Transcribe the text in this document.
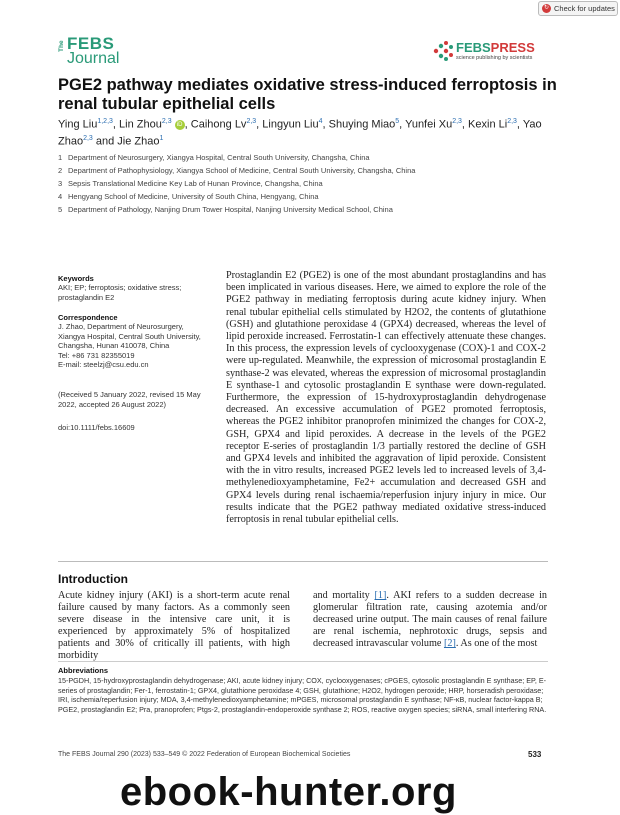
↻ Check for updates
The FEBS
Journal
FEBSPRESS
science publishing by scientists
PGE2 pathway mediates oxidative stress-induced ferroptosis in renal tubular epithelial cells
Ying Liu$^{1,2,3}$, Lin Zhou$^{2,3}$ iD , Caihong Lv$^{2,3}$, Lingyun Liu$^4$, Shuying Miao$^5$, Yunfei Xu$^{2,3}$, Kexin Li$^{2,3}$, Yao Zhao$^{2,3}$ and Jie Zhao$^1$
1 Department of Neurosurgery, Xiangya Hospital, Central South University, Changsha, China
2 Department of Pathophysiology, Xiangya School of Medicine, Central South University, Changsha, China
3 Sepsis Translational Medicine Key Lab of Hunan Province, Changsha, China
4 Hengyang School of Medicine, University of South China, Hengyang, China
5 Department of Pathology, Nanjing Drum Tower Hospital, Nanjing University Medical School, China
Keywords
AKI; EP; ferroptosis; oxidative stress; prostaglandin E2
Correspondence
J. Zhao, Department of Neurosurgery,
Xiangya Hospital, Central South University,
Changsha, Hunan 410078, China
Tel: +86 731 82355019
E-mail: steelzj@csu.edu.cn
(Received 5 January 2022, revised 15 May
2022, accepted 26 August 2022)
doi:10.1111/febs.16609

Prostaglandin E2 (PGE2) is one of the most abundant prostaglandins and has been implicated in various diseases. Here, we aimed to explore the role of the PGE2 pathway in mediating ferroptosis during acute kidney injury. When renal tubular epithelial cells stimulated by H2O2, the contents of glutathione (GSH) and glutathione peroxidase 4 (GPX4) decreased, whereas the level of lipid peroxide increased. Ferrostatin-1 can effectively attenuate these changes. In this process, the expression levels of cyclooxygenase (COX)-1 and COX-2 were up-regulated. Meanwhile, the expression of microsomal prostaglandin E synthase-2 was elevated, whereas the expression of microsomal prostaglandin E synthase-1 and cytosolic prostaglandin E synthase were down-regulated. Furthermore, the expression of 15-hydroxyprostaglandin dehydrogenase decreased. An excessive accumulation of PGE2 promoted ferroptosis, whereas the PGE2 inhibitor pranoprofen minimized the changes for COX-2, GSH, GPX4 and lipid peroxides. A decrease in the levels of the PGE2 receptor E-series of prostaglandin 1/3 partially restored the decline of GSH and GPX4 levels and inhibited the aggravation of lipid peroxide. Consistent with the in vitro results, increased PGE2 levels led to increased levels of 3,4-methylenedioxyamphetamine, Fe2+ accumulation and decreased GSH and GPX4 levels during renal ischaemia/reperfusion injury injury in mice. Our results indicate that the PGE2 pathway mediated oxidative stress-induced ferroptosis in renal tubular epithelial cells.

Introduction
Acute kidney injury (AKI) is a short-term acute renal failure caused by many factors. As a commonly seen severe disease in the intensive care unit, it is experienced by approximately 5% of hospitalized patients and 30% of critically ill patients, with high morbidity
and mortality [1]. AKI refers to a sudden decrease in glomerular filtration rate, causing azotemia and/or decreased urine output. The main causes of renal failure are renal ischemia, nephrotoxic drugs, sepsis and decreased intravascular volume [2]. As one of the most
Abbreviations
15-PGDH, 15-hydroxyprostaglandin dehydrogenase; AKI, acute kidney injury; COX, cyclooxygenases; cPGES, cytosolic prostaglandin E synthase; EP, E-series of prostaglandin; Fer-1, ferrostatin-1; GPX4, glutathione peroxidase 4; GSH, glutathione; H2O2, hydrogen peroxide; HRP, horseradish peroxidase; IRI, ischemia/reperfusion injury; MDA, 3,4-methylenedioxyamphetamine; mPGES, microsomal prostaglandin E synthase; NF-κB, nuclear factor-kappa B; PGE2, prostaglandin E2; Pra, pranoprofen; Ptgs-2, prostaglandin-endoperoxide synthase 2; ROS, reactive oxygen species; siRNA, small interfering RNA.
The FEBS Journal 290 (2023) 533–549 © 2022 Federation of European Biochemical Societies	533
ebook-hunter.org
